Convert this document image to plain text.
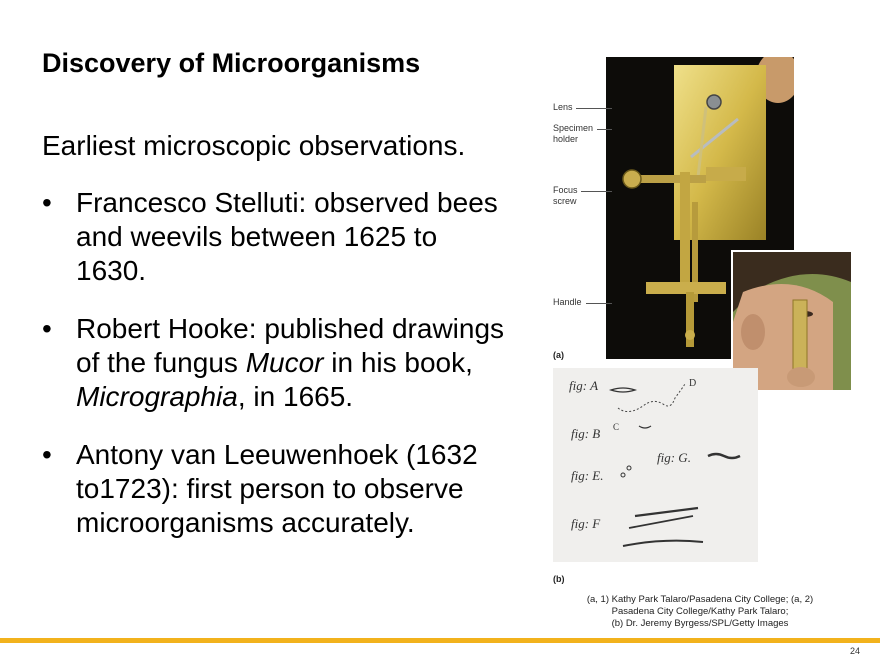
Discovery of Microorganisms
Earliest microscopic observations.
• Francesco Stelluti: observed bees and weevils between 1625 to 1630.
• Robert Hooke: published drawings of the fungus Mucor in his book, Micrographia, in 1665.
• Antony van Leeuwenhoek (1632 to1723): first person to observe microorganisms accurately.
Lens
Specimen
holder
Focus
screw
Handle
(a)
fig: A	D
fig: B C
fig: E.
fig: G.
fig: F
(b)
(a, 1) Kathy Park Talaro/Pasadena City College; (a, 2)
Pasadena City College/Kathy Park Talaro;
(b) Dr. Jeremy Byrgess/SPL/Getty Images
24
